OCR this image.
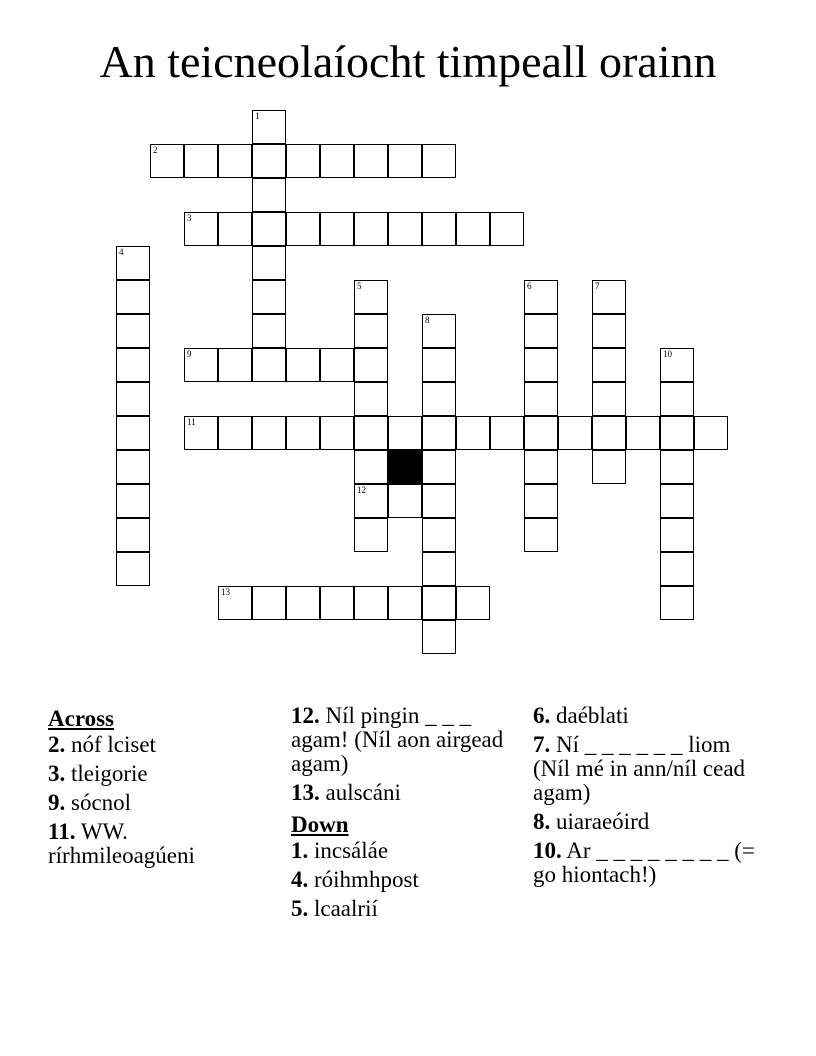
An teicneolaíocht timpeall orainn
1
2
3
4
9
11
5
12
8
6	7
10
13
Across
2. nóf lciset
3. tleigorie
9. sócnol
11. WW. rírhmileoagúeni
12. Níl pingin _ _ _ agam! (Níl aon airgead agam)
13. aulscáni
Down
1. incsáláe
4. róihmhpost
5. lcaalrií
6. daéblati
7. Ní _ _ _ _ _ _ liom (Níl mé in ann/níl cead agam)
8. uiaraeóird
10. Ar _ _ _ _ _ _ _ _ (= go hiontach!)
